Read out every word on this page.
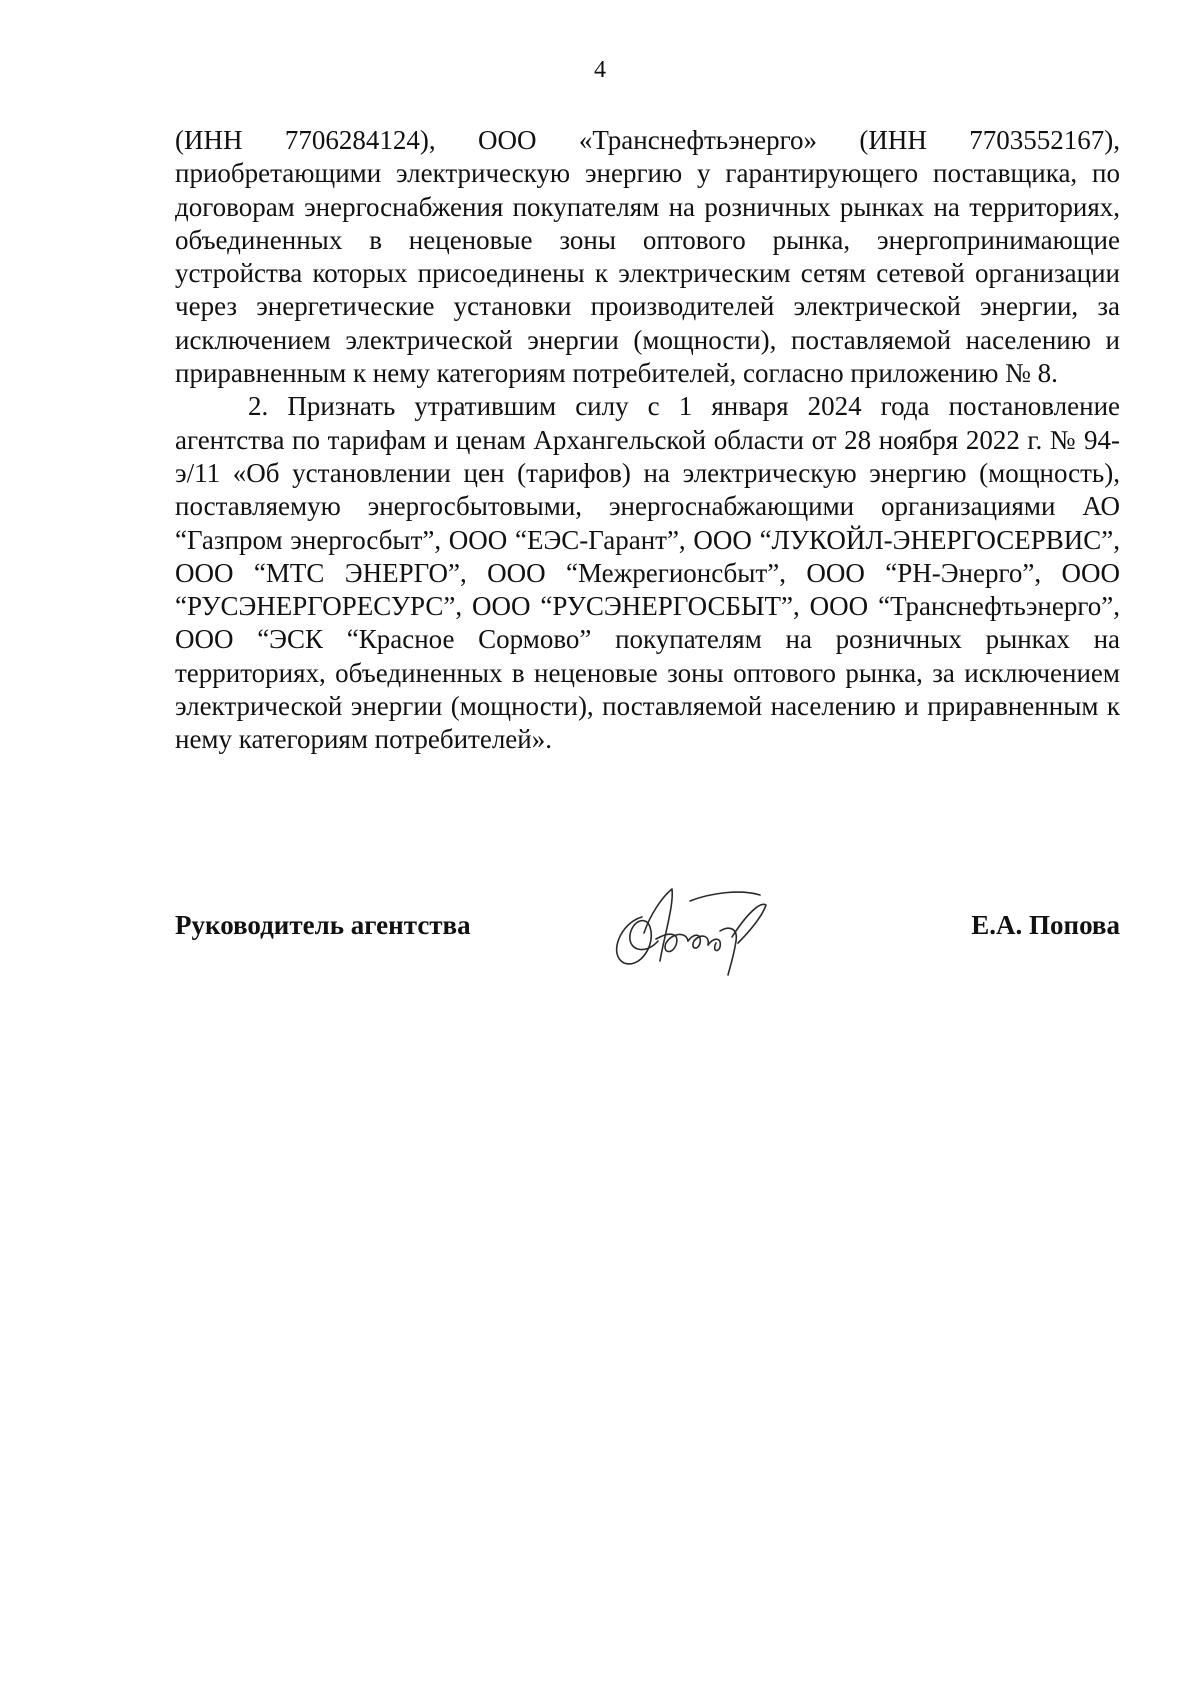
4

(ИНН 7706284124), ООО «Транснефтьэнерго» (ИНН 7703552167), приобретающими электрическую энергию у гарантирующего поставщика, по договорам энергоснабжения покупателям на розничных рынках на территориях, объединенных в неценовые зоны оптового рынка, энергопринимающие устройства которых присоединены к электрическим сетям сетевой организации через энергетические установки производителей электрической энергии, за исключением электрической энергии (мощности), поставляемой населению и приравненным к нему категориям потребителей, согласно приложению № 8.

2. Признать утратившим силу с 1 января 2024 года постановление агентства по тарифам и ценам Архангельской области от 28 ноября 2022 г. № 94-э/11 «Об установлении цен (тарифов) на электрическую энергию (мощность), поставляемую энергосбытовыми, энергоснабжающими организациями АО “Газпром энергосбыт”, ООО “ЕЭС-Гарант”, ООО “ЛУКОЙЛ-ЭНЕРГОСЕРВИС”, ООО “МТС ЭНЕРГО”, ООО “Межрегионсбыт”, ООО “РН-Энерго”, ООО “РУСЭНЕРГОРЕСУРС”, ООО “РУСЭНЕРГОСБЫТ”, ООО “Транснефтьэнерго”, ООО “ЭСК “Красное Сормово” покупателям на розничных рынках на территориях, объединенных в неценовые зоны оптового рынка, за исключением электрической энергии (мощности), поставляемой населению и приравненным к нему категориям потребителей».

Руководитель агентства	Е.А. Попова
